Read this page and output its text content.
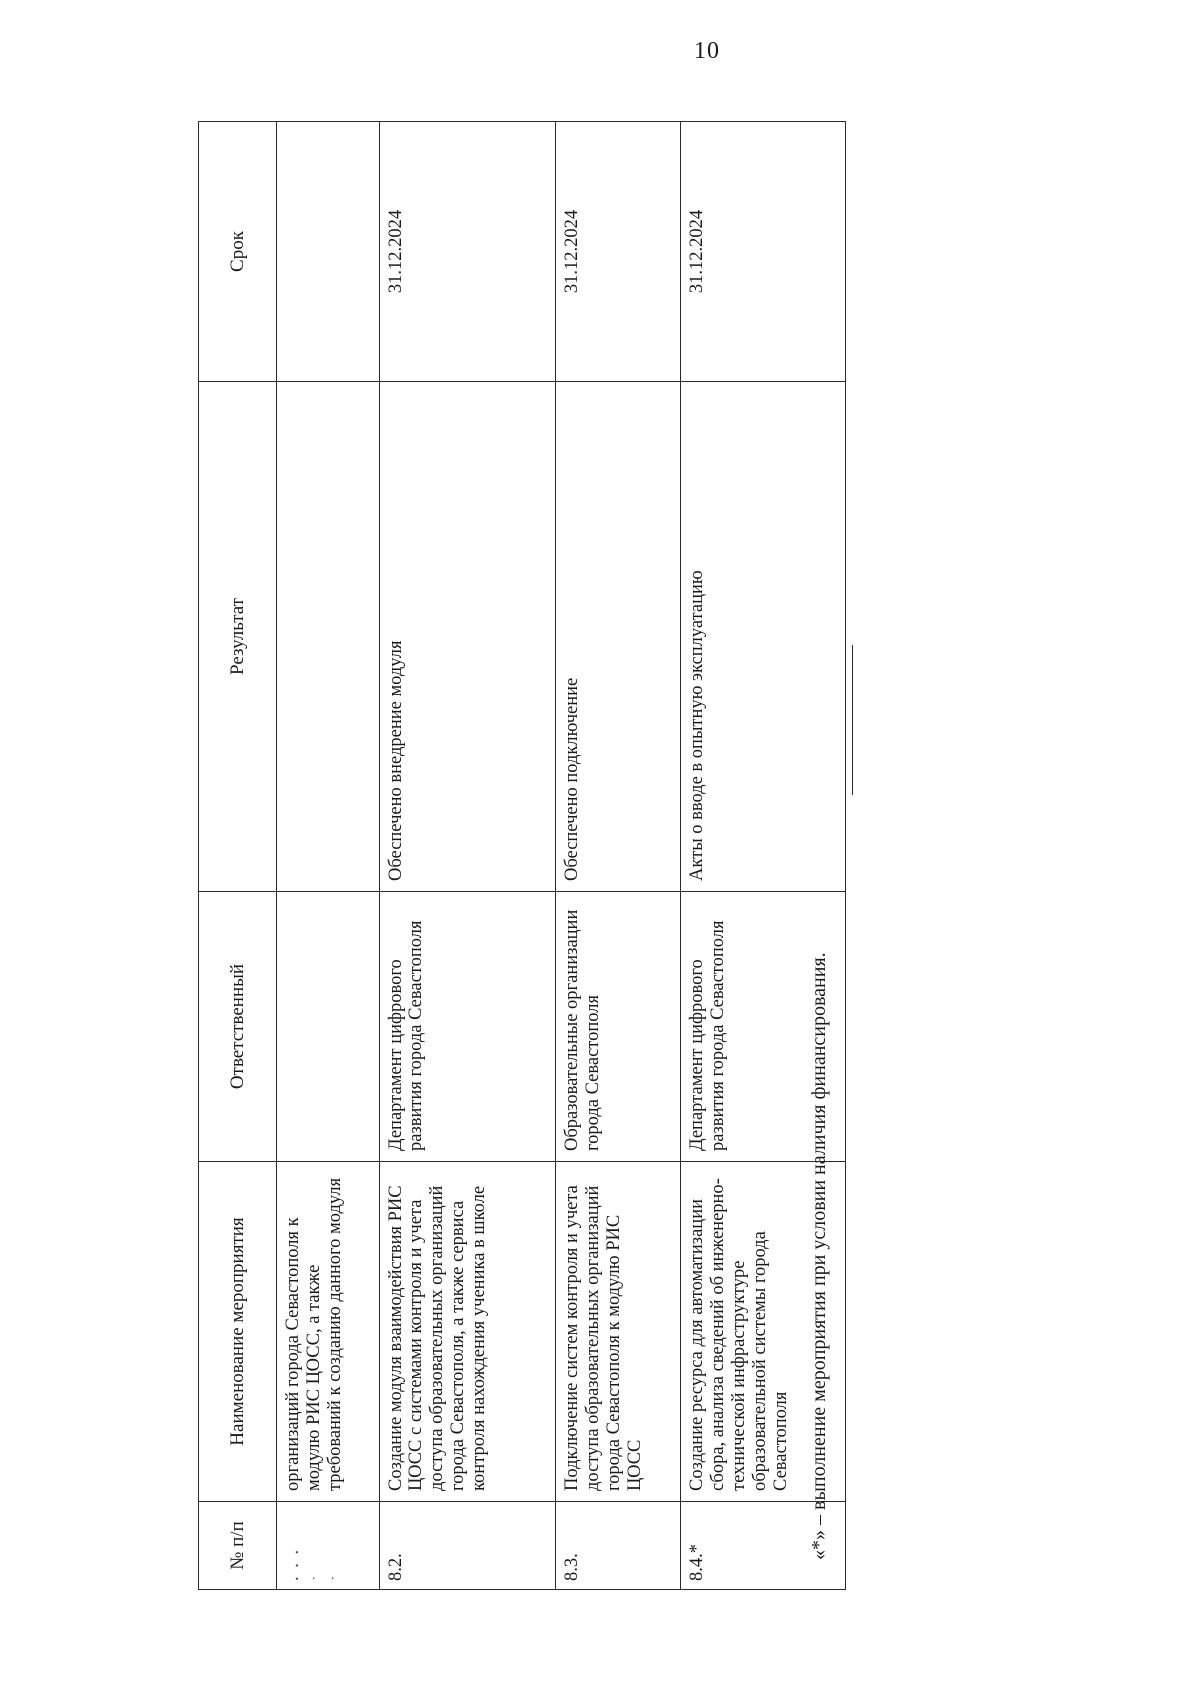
10
№ п/п	Наименование мероприятия	Ответственный	Результат	Срок
. . .	организаций города Севастополя к модулю РИС ЦОСС, а также требований к созданию данного модуля			
8.2.	Создание модуля взаимодействия РИС ЦОСС с системами контроля и учета доступа образовательных организаций города Севастополя, а также сервиса контроля нахождения ученика в школе	Департамент цифрового развития города Севастополя	Обеспечено внедрение модуля	31.12.2024
8.3.	Подключение систем контроля и учета доступа образовательных организаций города Севастополя к модулю РИС ЦОСС	Образовательные организации города Севастополя	Обеспечено подключение	31.12.2024
8.4.*	Создание ресурса для автоматизации сбора, анализа сведений об инженерно-технической инфраструктуре образовательной системы города Севастополя	Департамент цифрового развития города Севастополя	Акты о вводе в опытную эксплуатацию	31.12.2024
«*» – выполнение мероприятия при условии наличия финансирования.
. .
